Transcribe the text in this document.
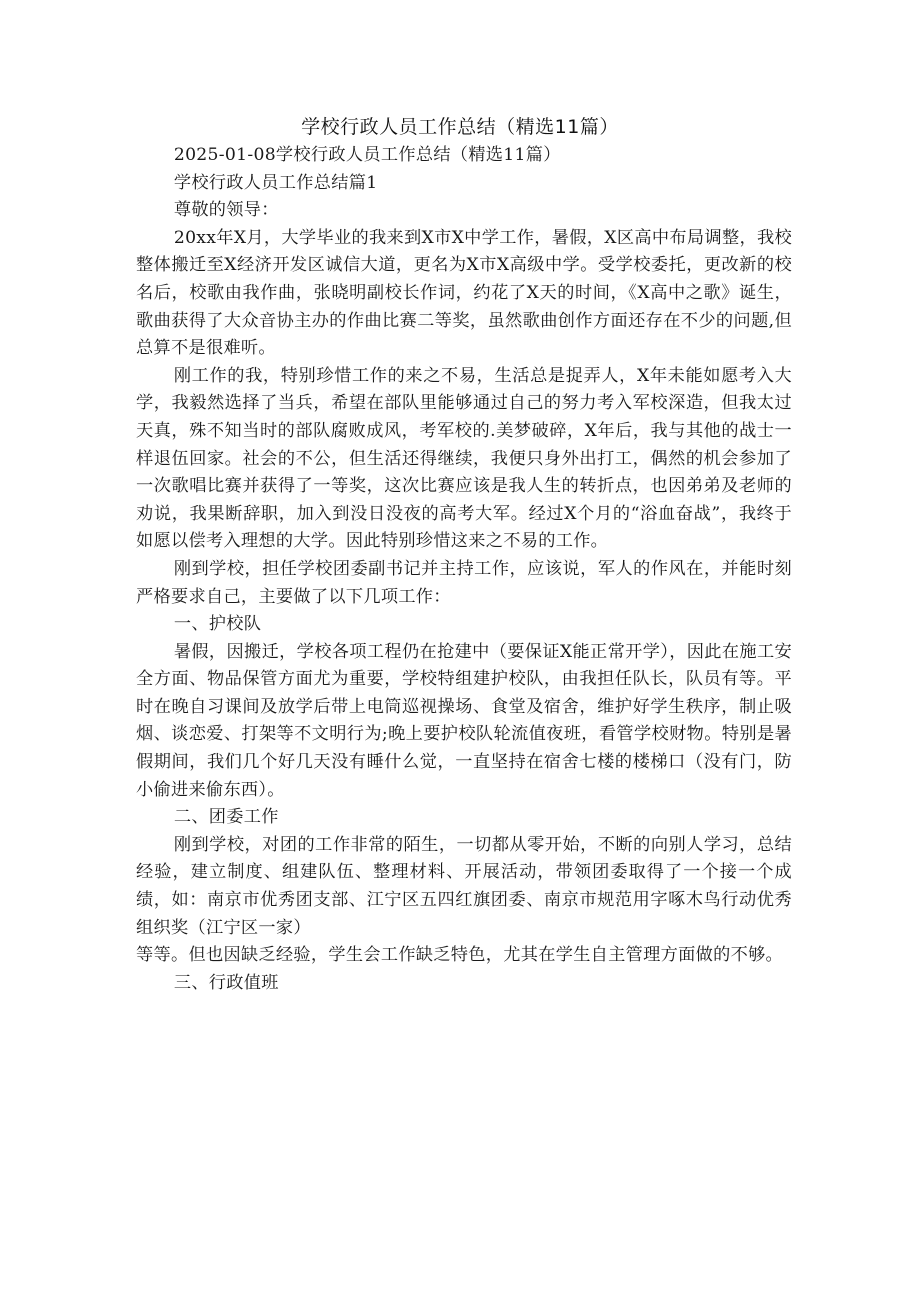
学校行政人员工作总结（精选11篇）

2025-01-08学校行政人员工作总结（精选11篇）

学校行政人员工作总结篇1

尊敬的领导：

20xx年X月，大学毕业的我来到X市X中学工作，暑假，X区高中布局调整，我校整体搬迁至X经济开发区诚信大道，更名为X市X高级中学。受学校委托，更改新的校名后，校歌由我作曲，张晓明副校长作词，约花了X天的时间，《X高中之歌》诞生，歌曲获得了大众音协主办的作曲比赛二等奖，虽然歌曲创作方面还存在不少的问题,但总算不是很难听。

刚工作的我，特别珍惜工作的来之不易，生活总是捉弄人，X年未能如愿考入大学，我毅然选择了当兵，希望在部队里能够通过自己的努力考入军校深造，但我太过天真，殊不知当时的部队腐败成风，考军校的.美梦破碎，X年后，我与其他的战士一样退伍回家。社会的不公，但生活还得继续，我便只身外出打工，偶然的机会参加了一次歌唱比赛并获得了一等奖，这次比赛应该是我人生的转折点，也因弟弟及老师的劝说，我果断辞职，加入到没日没夜的高考大军。经过X个月的“浴血奋战”，我终于如愿以偿考入理想的大学。因此特别珍惜这来之不易的工作。

刚到学校，担任学校团委副书记并主持工作，应该说，军人的作风在，并能时刻严格要求自己，主要做了以下几项工作：

一、护校队

暑假，因搬迁，学校各项工程仍在抢建中（要保证X能正常开学），因此在施工安全方面、物品保管方面尤为重要，学校特组建护校队，由我担任队长，队员有等。平时在晚自习课间及放学后带上电筒巡视操场、食堂及宿舍，维护好学生秩序，制止吸烟、谈恋爱、打架等不文明行为;晚上要护校队轮流值夜班，看管学校财物。特别是暑假期间，我们几个好几天没有睡什么觉，一直坚持在宿舍七楼的楼梯口（没有门，防小偷进来偷东西）。

二、团委工作

刚到学校，对团的工作非常的陌生，一切都从零开始，不断的向别人学习，总结经验，建立制度、组建队伍、整理材料、开展活动，带领团委取得了一个接一个成绩，如：南京市优秀团支部、江宁区五四红旗团委、南京市规范用字啄木鸟行动优秀组织奖（江宁区一家）

等等。但也因缺乏经验，学生会工作缺乏特色，尤其在学生自主管理方面做的不够。

三、行政值班
